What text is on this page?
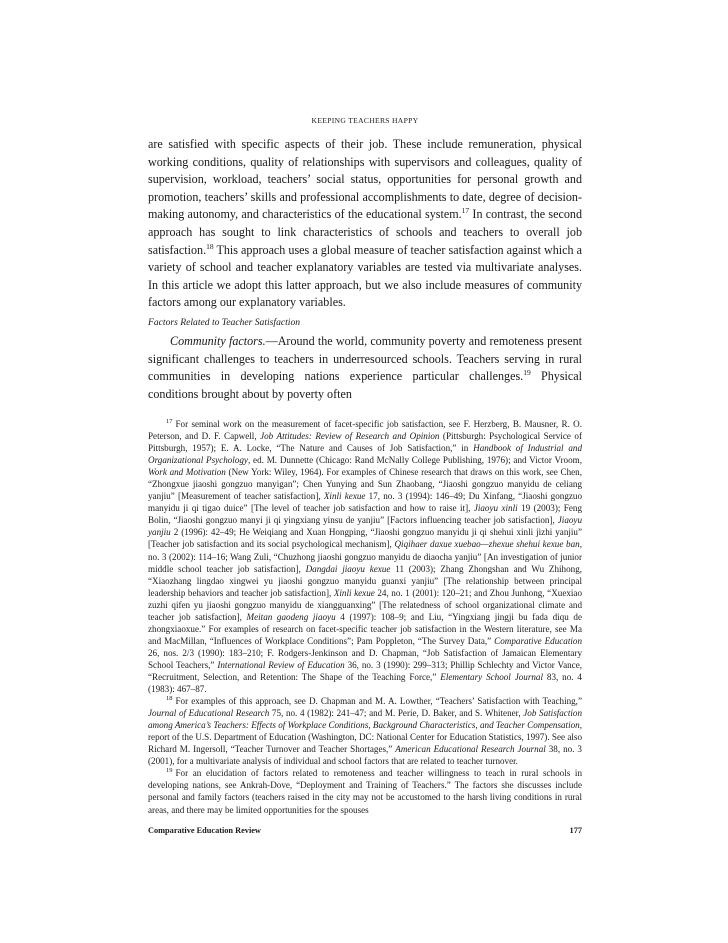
KEEPING TEACHERS HAPPY

are satisfied with specific aspects of their job. These include remuneration, physical working conditions, quality of relationships with supervisors and colleagues, quality of supervision, workload, teachers’ social status, opportunities for personal growth and promotion, teachers’ skills and professional accomplishments to date, degree of decision-making autonomy, and characteristics of the educational system.$^{17}$ In contrast, the second approach has sought to link characteristics of schools and teachers to overall job satisfaction.$^{18}$ This approach uses a global measure of teacher satisfaction against which a variety of school and teacher explanatory variables are tested via multivariate analyses. In this article we adopt this latter approach, but we also include measures of community factors among our explanatory variables.

Factors Related to Teacher Satisfaction

Community factors.—Around the world, community poverty and remoteness present significant challenges to teachers in underresourced schools. Teachers serving in rural communities in developing nations experience particular challenges.$^{19}$ Physical conditions brought about by poverty often

$^{17}$ For seminal work on the measurement of facet-specific job satisfaction, see F. Herzberg, B. Mausner, R. O. Peterson, and D. F. Capwell, Job Attitudes: Review of Research and Opinion (Pittsburgh: Psychological Service of Pittsburgh, 1957); E. A. Locke, “The Nature and Causes of Job Satisfaction,” in Handbook of Industrial and Organizational Psychology, ed. M. Dunnette (Chicago: Rand McNally College Publishing, 1976); and Victor Vroom, Work and Motivation (New York: Wiley, 1964). For examples of Chinese research that draws on this work, see Chen, “Zhongxue jiaoshi gongzuo manyigan”; Chen Yunying and Sun Zhaobang, “Jiaoshi gongzuo manyidu de celiang yanjiu” [Measurement of teacher satisfaction], Xinli kexue 17, no. 3 (1994): 146–49; Du Xinfang, “Jiaoshi gongzuo manyidu ji qi tigao duice” [The level of teacher job satisfaction and how to raise it], Jiaoyu xinli 19 (2003); Feng Bolin, “Jiaoshi gongzuo manyi ji qi yingxiang yinsu de yanjiu” [Factors influencing teacher job satisfaction], Jiaoyu yanjiu 2 (1996): 42–49; He Weiqiang and Xuan Hongping, “Jiaoshi gongzuo manyidu ji qi shehui xinli jizhi yanjiu” [Teacher job satisfaction and its social psychological mechanism], Qiqihaer daxue xuebao—zhexue shehui kexue ban, no. 3 (2002): 114–16; Wang Zuli, “Chuzhong jiaoshi gongzuo manyidu de diaocha yanjiu” [An investigation of junior middle school teacher job satisfaction], Dangdai jiaoyu kexue 11 (2003); Zhang Zhongshan and Wu Zhihong, “Xiaozhang lingdao xingwei yu jiaoshi gongzuo manyidu guanxi yanjiu” [The relationship between principal leadership behaviors and teacher job satisfaction], Xinli kexue 24, no. 1 (2001): 120–21; and Zhou Junhong, “Xuexiao zuzhi qifen yu jiaoshi gongzuo manyidu de xiangguanxing” [The relatedness of school organizational climate and teacher job satisfaction], Meitan gaodeng jiaoyu 4 (1997): 108–9; and Liu, “Yingxiang jingji bu fada diqu de zhongxiaoxue.” For examples of research on facet-specific teacher job satisfaction in the Western literature, see Ma and MacMillan, “Influences of Workplace Conditions”; Pam Poppleton, “The Survey Data,” Comparative Education 26, nos. 2/3 (1990): 183–210; F. Rodgers-Jenkinson and D. Chapman, “Job Satisfaction of Jamaican Elementary School Teachers,” International Review of Education 36, no. 3 (1990): 299–313; Phillip Schlechty and Victor Vance, “Recruitment, Selection, and Retention: The Shape of the Teaching Force,” Elementary School Journal 83, no. 4 (1983): 467–87.

$^{18}$ For examples of this approach, see D. Chapman and M. A. Lowther, “Teachers’ Satisfaction with Teaching,” Journal of Educational Research 75, no. 4 (1982): 241–47; and M. Perie, D. Baker, and S. Whitener, Job Satisfaction among America’s Teachers: Effects of Workplace Conditions, Background Characteristics, and Teacher Compensation, report of the U.S. Department of Education (Washington, DC: National Center for Education Statistics, 1997). See also Richard M. Ingersoll, “Teacher Turnover and Teacher Shortages,” American Educational Research Journal 38, no. 3 (2001), for a multivariate analysis of individual and school factors that are related to teacher turnover.

$^{19}$ For an elucidation of factors related to remoteness and teacher willingness to teach in rural schools in developing nations, see Ankrah-Dove, “Deployment and Training of Teachers.” The factors she discusses include personal and family factors (teachers raised in the city may not be accustomed to the harsh living conditions in rural areas, and there may be limited opportunities for the spouses

Comparative Education Review	177
